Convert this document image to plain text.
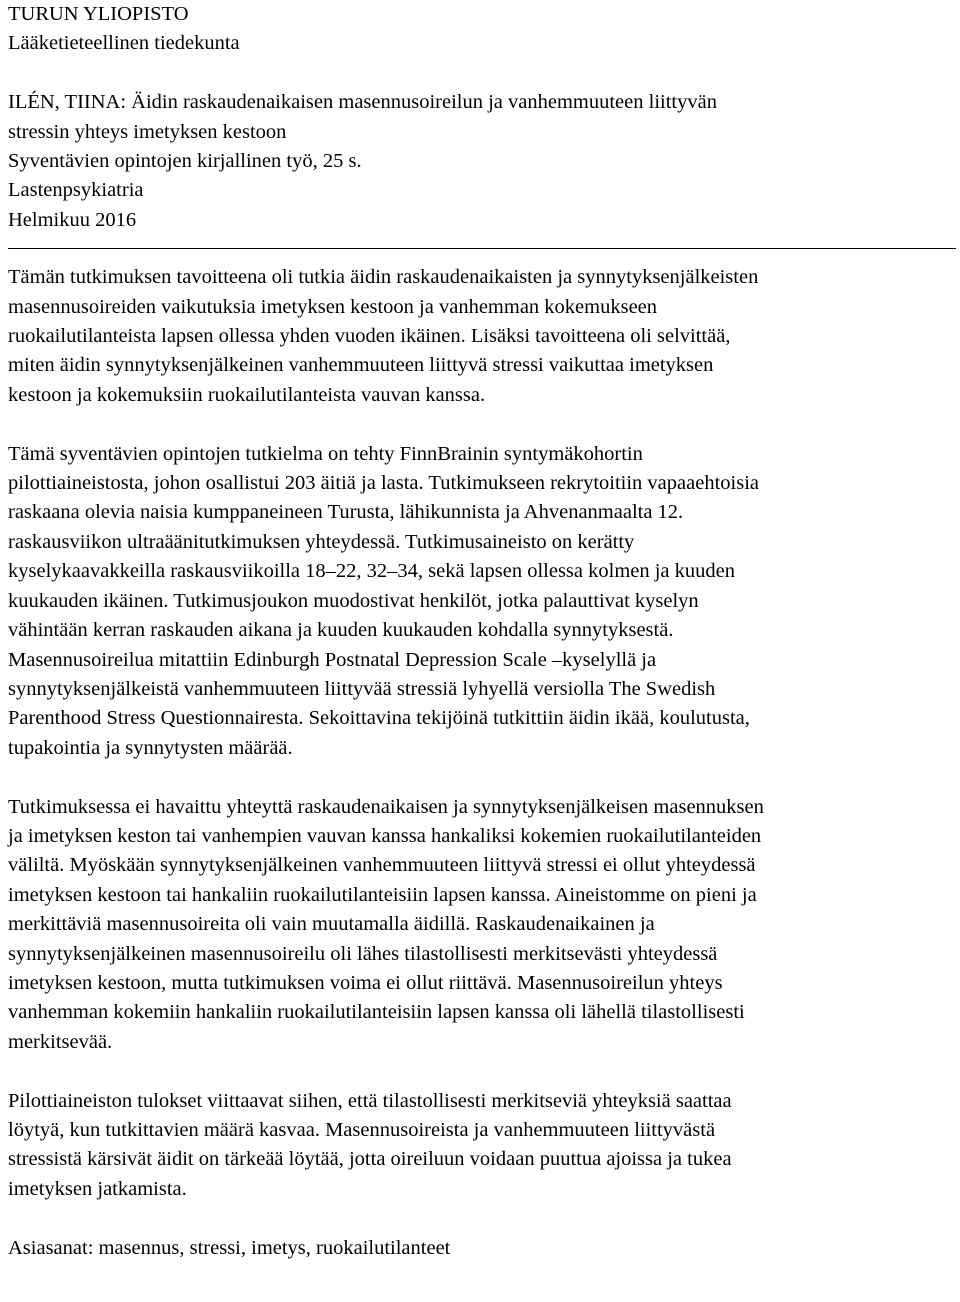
TURUN YLIOPISTO
Lääketieteellinen tiedekunta
ILÉN, TIINA: Äidin raskaudenaikaisen masennusoireilun ja vanhemmuuteen liittyvän
stressin yhteys imetyksen kestoon
Syventävien opintojen kirjallinen työ, 25 s.
Lastenpsykiatria
Helmikuu 2016

Tämän tutkimuksen tavoitteena oli tutkia äidin raskaudenaikaisten ja synnytyksenjälkeisten
masennusoireiden vaikutuksia imetyksen kestoon ja vanhemman kokemukseen
ruokailutilanteista lapsen ollessa yhden vuoden ikäinen. Lisäksi tavoitteena oli selvittää,
miten äidin synnytyksenjälkeinen vanhemmuuteen liittyvä stressi vaikuttaa imetyksen
kestoon ja kokemuksiin ruokailutilanteista vauvan kanssa.

Tämä syventävien opintojen tutkielma on tehty FinnBrainin syntymäkohortin
pilottiaineistosta, johon osallistui 203 äitiä ja lasta. Tutkimukseen rekrytoitiin vapaaehtoisia
raskaana olevia naisia kumppaneineen Turusta, lähikunnista ja Ahvenanmaalta 12.
raskausviikon ultraäänitutkimuksen yhteydessä. Tutkimusaineisto on kerätty
kyselykaavakkeilla raskausviikoilla 18–22, 32–34, sekä lapsen ollessa kolmen ja kuuden
kuukauden ikäinen. Tutkimusjoukon muodostivat henkilöt, jotka palauttivat kyselyn
vähintään kerran raskauden aikana ja kuuden kuukauden kohdalla synnytyksestä.
Masennusoireilua mitattiin Edinburgh Postnatal Depression Scale –kyselyllä ja
synnytyksenjälkeistä vanhemmuuteen liittyvää stressiä lyhyellä versiolla The Swedish
Parenthood Stress Questionnairesta. Sekoittavina tekijöinä tutkittiin äidin ikää, koulutusta,
tupakointia ja synnytysten määrää.

Tutkimuksessa ei havaittu yhteyttä raskaudenaikaisen ja synnytyksenjälkeisen masennuksen
ja imetyksen keston tai vanhempien vauvan kanssa hankaliksi kokemien ruokailutilanteiden
väliltä. Myöskään synnytyksenjälkeinen vanhemmuuteen liittyvä stressi ei ollut yhteydessä
imetyksen kestoon tai hankaliin ruokailutilanteisiin lapsen kanssa. Aineistomme on pieni ja
merkittäviä masennusoireita oli vain muutamalla äidillä. Raskaudenaikainen ja
synnytyksenjälkeinen masennusoireilu oli lähes tilastollisesti merkitsevästi yhteydessä
imetyksen kestoon, mutta tutkimuksen voima ei ollut riittävä. Masennusoireilun yhteys
vanhemman kokemiin hankaliin ruokailutilanteisiin lapsen kanssa oli lähellä tilastollisesti
merkitsevää.

Pilottiaineiston tulokset viittaavat siihen, että tilastollisesti merkitseviä yhteyksiä saattaa
löytyä, kun tutkittavien määrä kasvaa. Masennusoireista ja vanhemmuuteen liittyvästä
stressistä kärsivät äidit on tärkeää löytää, jotta oireiluun voidaan puuttua ajoissa ja tukea
imetyksen jatkamista.

Asiasanat: masennus, stressi, imetys, ruokailutilanteet
